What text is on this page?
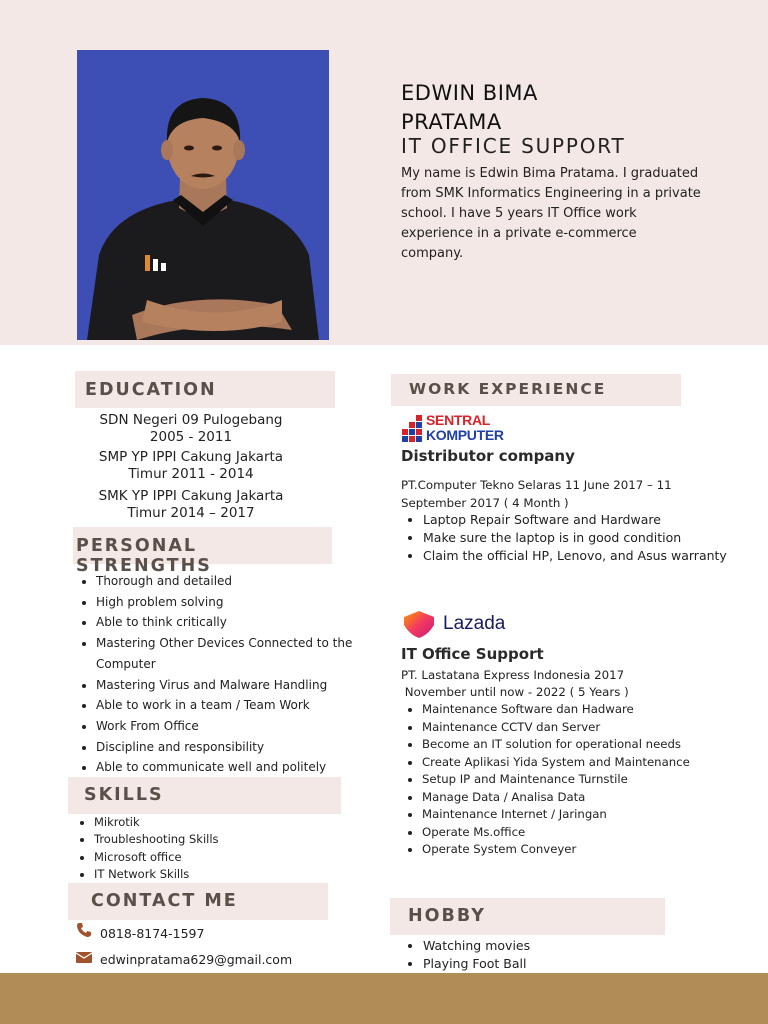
EDWIN BIMA
PRATAMA
IT OFFICE SUPPORT
My name is Edwin Bima Pratama. I graduated from SMK Informatics Engineering in a private school. I have 5 years IT Office work experience in a private e-commerce company.
EDUCATION
SDN Negeri 09 Pulogebang
2005 - 2011
SMP YP IPPI Cakung Jakarta
Timur 2011 - 2014
SMK YP IPPI Cakung Jakarta
Timur 2014 – 2017
PERSONAL STRENGTHS
• Thorough and detailed
• High problem solving
• Able to think critically
• Mastering Other Devices Connected to the Computer
• Mastering Virus and Malware Handling
• Able to work in a team / Team Work
• Work From Office
• Discipline and responsibility
• Able to communicate well and politely
SKILLS
• Mikrotik
• Troubleshooting Skills
• Microsoft office
• IT Network Skills
CONTACT ME
0818-8174-1597
edwinpratama629@gmail.com
WORK EXPERIENCE
SENTRAL
KOMPUTER
Distributor company
PT.Computer Tekno Selaras 11 June 2017 – 11 September 2017 ( 4 Month )
• Laptop Repair Software and Hardware
• Make sure the laptop is in good condition
• Claim the official HP, Lenovo, and Asus warranty
Lazada
IT Office Support
PT. Lastatana Express Indonesia 2017
November until now - 2022 ( 5 Years )
• Maintenance Software dan Hadware
• Maintenance CCTV dan Server
• Become an IT solution for operational needs
• Create Aplikasi Yida System and Maintenance
• Setup IP and Maintenance Turnstile
• Manage Data / Analisa Data
• Maintenance Internet / Jaringan
• Operate Ms.office
• Operate System Conveyer
HOBBY
• Watching movies
• Playing Foot Ball
